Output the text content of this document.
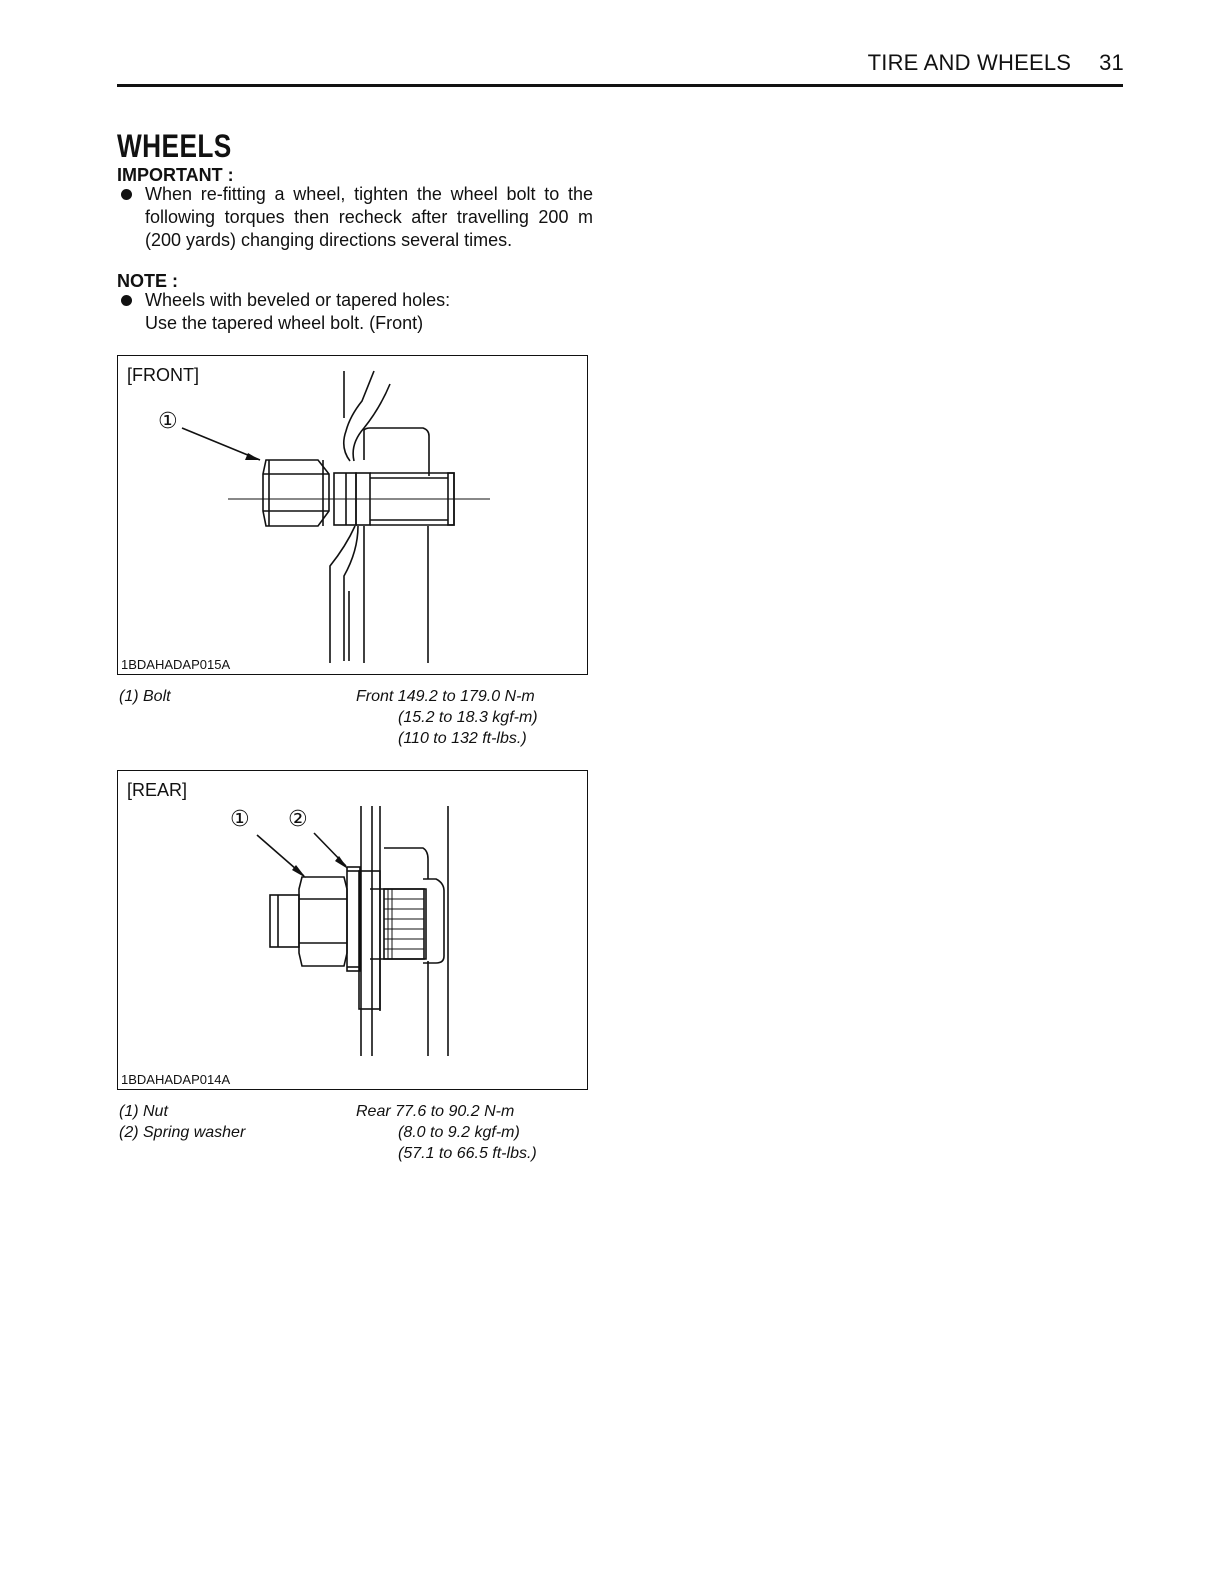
TIRE AND WHEELS 31
WHEELS
IMPORTANT :
When re-fitting a wheel, tighten the wheel bolt to the following torques then recheck after travelling 200 m (200 yards) changing directions several times.
NOTE :
Wheels with beveled or tapered holes:
Use the tapered wheel bolt. (Front)
[FRONT]
①
1BDAHADAP015A
(1) Bolt	Front 149.2 to 179.0 N-m
(15.2 to 18.3 kgf-m)
(110 to 132 ft-lbs.)
[REAR]
① ②
1BDAHADAP014A
(1) Nut
(2) Spring washer
Rear 77.6 to 90.2 N-m
(8.0 to 9.2 kgf-m)
(57.1 to 66.5 ft-lbs.)
